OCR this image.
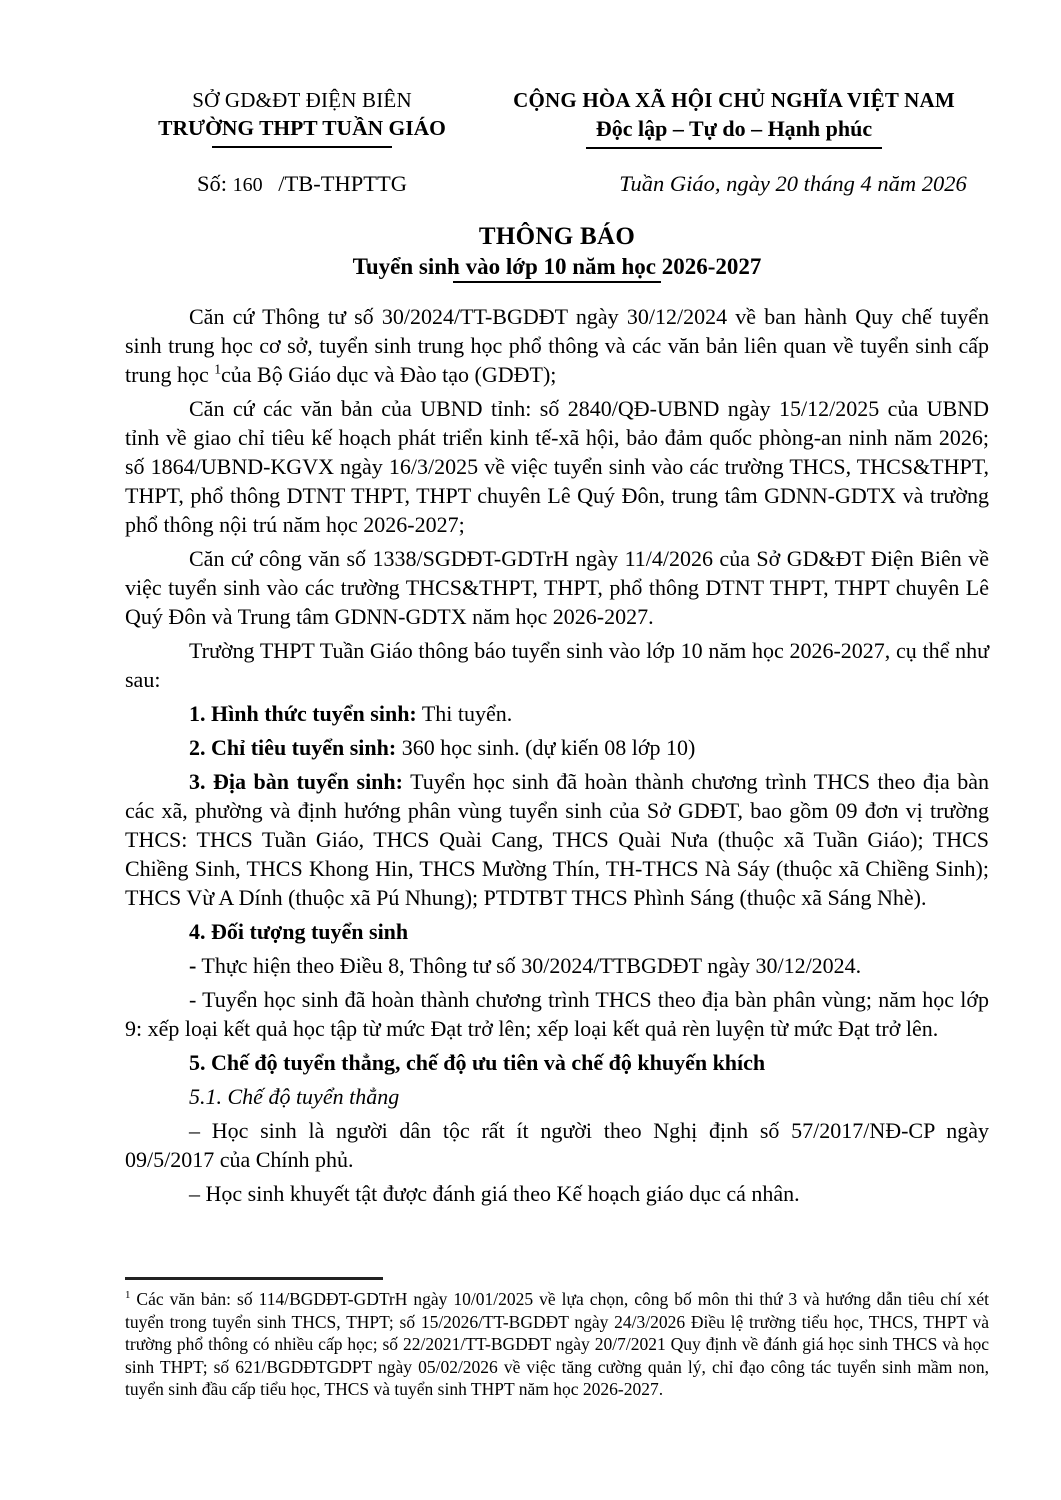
SỞ GD&ĐT ĐIỆN BIÊN
TRƯỜNG THPT TUẦN GIÁO
CỘNG HÒA XÃ HỘI CHỦ NGHĨA VIỆT NAM
Độc lập – Tự do – Hạnh phúc
Số: 160 /TB-THPTTG	Tuần Giáo, ngày 20 tháng 4 năm 2026
THÔNG BÁO
Tuyển sinh vào lớp 10 năm học 2026-2027

Căn cứ Thông tư số 30/2024/TT-BGDĐT ngày 30/12/2024 về ban hành Quy chế tuyển sinh trung học cơ sở, tuyển sinh trung học phổ thông và các văn bản liên quan về tuyển sinh cấp trung học $^1$của Bộ Giáo dục và Đào tạo (GDĐT);

Căn cứ các văn bản của UBND tỉnh: số 2840/QĐ-UBND ngày 15/12/2025 của UBND tỉnh về giao chỉ tiêu kế hoạch phát triển kinh tế-xã hội, bảo đảm quốc phòng-an ninh năm 2026; số 1864/UBND-KGVX ngày 16/3/2025 về việc tuyển sinh vào các trường THCS, THCS&THPT, THPT, phổ thông DTNT THPT, THPT chuyên Lê Quý Đôn, trung tâm GDNN-GDTX và trường phổ thông nội trú năm học 2026-2027;

Căn cứ công văn số 1338/SGDĐT-GDTrH ngày 11/4/2026 của Sở GD&ĐT Điện Biên về việc tuyển sinh vào các trường THCS&THPT, THPT, phổ thông DTNT THPT, THPT chuyên Lê Quý Đôn và Trung tâm GDNN-GDTX năm học 2026-2027.

Trường THPT Tuần Giáo thông báo tuyển sinh vào lớp 10 năm học 2026-2027, cụ thể như sau:

1. Hình thức tuyển sinh: Thi tuyển.

2. Chỉ tiêu tuyển sinh: 360 học sinh. (dự kiến 08 lớp 10)

3. Địa bàn tuyển sinh: Tuyển học sinh đã hoàn thành chương trình THCS theo địa bàn các xã, phường và định hướng phân vùng tuyển sinh của Sở GDĐT, bao gồm 09 đơn vị trường THCS: THCS Tuần Giáo, THCS Quài Cang, THCS Quài Nưa (thuộc xã Tuần Giáo); THCS Chiềng Sinh, THCS Khong Hin, THCS Mường Thín, TH-THCS Nà Sáy (thuộc xã Chiềng Sinh); THCS Vừ A Dính (thuộc xã Pú Nhung); PTDTBT THCS Phình Sáng (thuộc xã Sáng Nhè).

4. Đối tượng tuyển sinh

- Thực hiện theo Điều 8, Thông tư số 30/2024/TTBGDĐT ngày 30/12/2024.

- Tuyển học sinh đã hoàn thành chương trình THCS theo địa bàn phân vùng; năm học lớp 9: xếp loại kết quả học tập từ mức Đạt trở lên; xếp loại kết quả rèn luyện từ mức Đạt trở lên.

5. Chế độ tuyển thẳng, chế độ ưu tiên và chế độ khuyến khích

5.1. Chế độ tuyển thẳng

– Học sinh là người dân tộc rất ít người theo Nghị định số 57/2017/NĐ-CP ngày 09/5/2017 của Chính phủ.

– Học sinh khuyết tật được đánh giá theo Kế hoạch giáo dục cá nhân.

$^1$ Các văn bản: số 114/BGDĐT-GDTrH ngày 10/01/2025 về lựa chọn, công bố môn thi thứ 3 và hướng dẫn tiêu chí xét tuyển trong tuyển sinh THCS, THPT; số 15/2026/TT-BGDĐT ngày 24/3/2026 Điều lệ trường tiểu học, THCS, THPT và trường phổ thông có nhiều cấp học; số 22/2021/TT-BGDĐT ngày 20/7/2021 Quy định về đánh giá học sinh THCS và học sinh THPT; số 621/BGDĐTGDPT ngày 05/02/2026 về việc tăng cường quản lý, chỉ đạo công tác tuyển sinh mầm non, tuyển sinh đầu cấp tiểu học, THCS và tuyển sinh THPT năm học 2026-2027.
